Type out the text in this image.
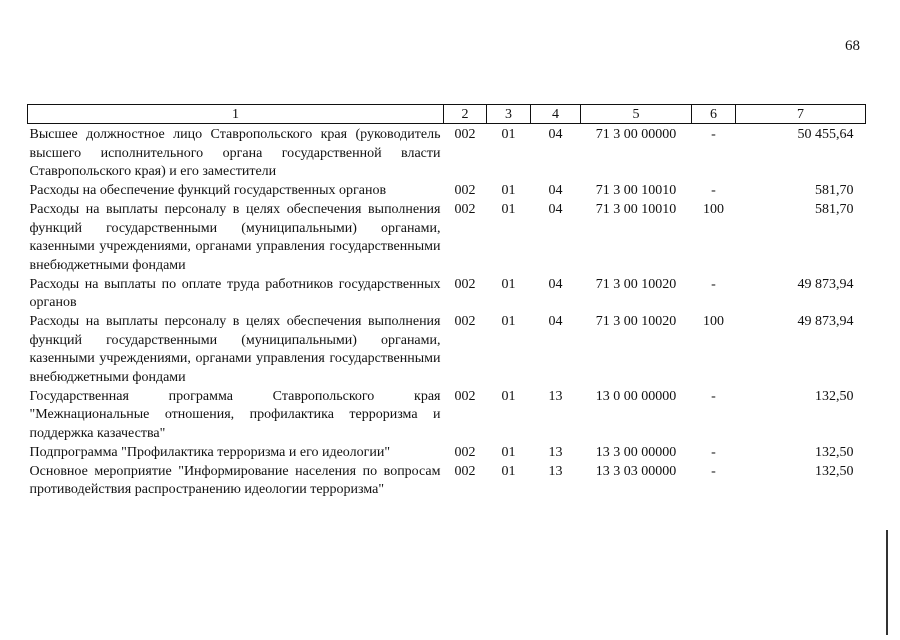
68
1	2	3	4	5	6	7
Высшее должностное лицо Ставропольского края (руководитель высшего исполнительного органа государственной власти Ставропольского края) и его заместители	002	01	04	71 3 00 00000	-	50 455,64
Расходы на обеспечение функций государственных органов	002	01	04	71 3 00 10010	-	581,70
Расходы на выплаты персоналу в целях обеспечения выполнения функций государственными (муниципальными) органами, казенными учреждениями, органами управления государственными внебюджетными фондами	002	01	04	71 3 00 10010	100	581,70
Расходы на выплаты по оплате труда работников государственных органов	002	01	04	71 3 00 10020	-	49 873,94
Расходы на выплаты персоналу в целях обеспечения выполнения функций государственными (муниципальными) органами, казенными учреждениями, органами управления государственными внебюджетными фондами	002	01	04	71 3 00 10020	100	49 873,94
Государственная программа Ставропольского края "Межнациональные отношения, профилактика терроризма и поддержка казачества"	002	01	13	13 0 00 00000	-	132,50
Подпрограмма "Профилактика терроризма и его идеологии"	002	01	13	13 3 00 00000	-	132,50
Основное мероприятие "Информирование населения по вопросам противодействия распространению идеологии терроризма"	002	01	13	13 3 03 00000	-	132,50
